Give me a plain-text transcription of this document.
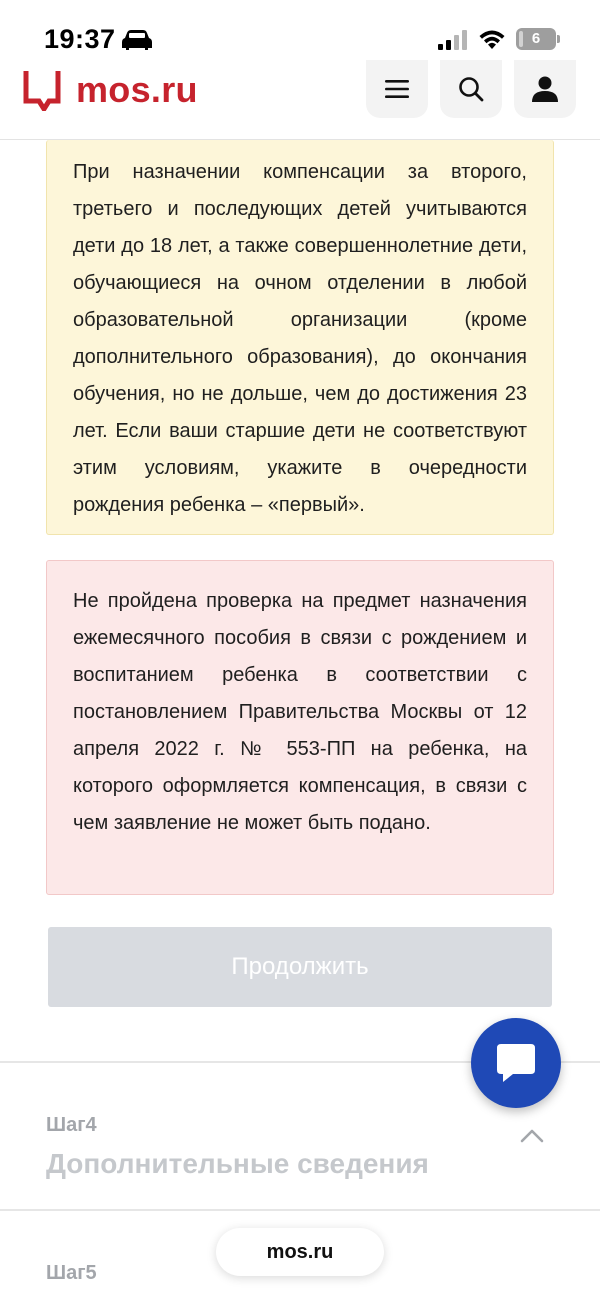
19:37	6
mos.ru

При назначении компенсации за второго, третьего и последующих детей учитываются дети до 18 лет, а также совершеннолетние дети, обучающиеся на очном отделении в любой образовательной организации (кроме дополнительного образования), до окончания обучения, но не дольше, чем до достижения 23 лет. Если ваши старшие дети не соответствуют этим условиям, укажите в очередности рождения ребенка – «первый».

Не пройдена проверка на предмет назначения ежемесячного пособия в связи с рождением и воспитанием ребенка в соответствии с постановлением Правительства Москвы от 12 апреля 2022 г. № 553-ПП на ребенка, на которого оформляется компенсация, в связи с чем заявление не может быть подано.

Продолжить
Шаг4
Дополнительные сведения
Шаг5
mos.ru
